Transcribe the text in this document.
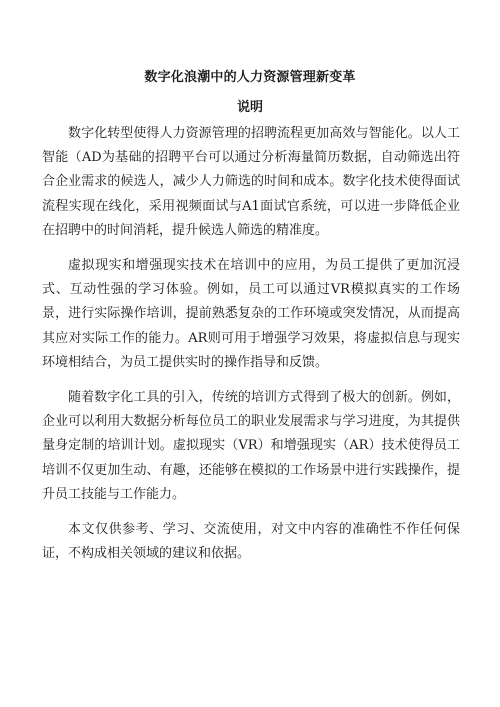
数字化浪潮中的人力资源管理新变革
说明

数字化转型使得人力资源管理的招聘流程更加高效与智能化。以人工智能（AD为基础的招聘平台可以通过分析海量简历数据，自动筛选出符合企业需求的候选人，减少人力筛选的时间和成本。数字化技术使得面试流程实现在线化，采用视频面试与A1面试官系统，可以进一步降低企业在招聘中的时间消耗，提升候选人筛选的精准度。

虚拟现实和增强现实技术在培训中的应用，为员工提供了更加沉浸式、互动性强的学习体验。例如，员工可以通过VR模拟真实的工作场景，进行实际操作培训，提前熟悉复杂的工作环境或突发情况，从而提高其应对实际工作的能力。AR则可用于增强学习效果，将虚拟信息与现实环境相结合，为员工提供实时的操作指导和反馈。

随着数字化工具的引入，传统的培训方式得到了极大的创新。例如，企业可以利用大数据分析每位员工的职业发展需求与学习进度，为其提供量身定制的培训计划。虚拟现实（VR）和增强现实（AR）技术使得员工培训不仅更加生动、有趣，还能够在模拟的工作场景中进行实践操作，提升员工技能与工作能力。

本文仅供参考、学习、交流使用，对文中内容的准确性不作任何保证，不构成相关领域的建议和依据。
